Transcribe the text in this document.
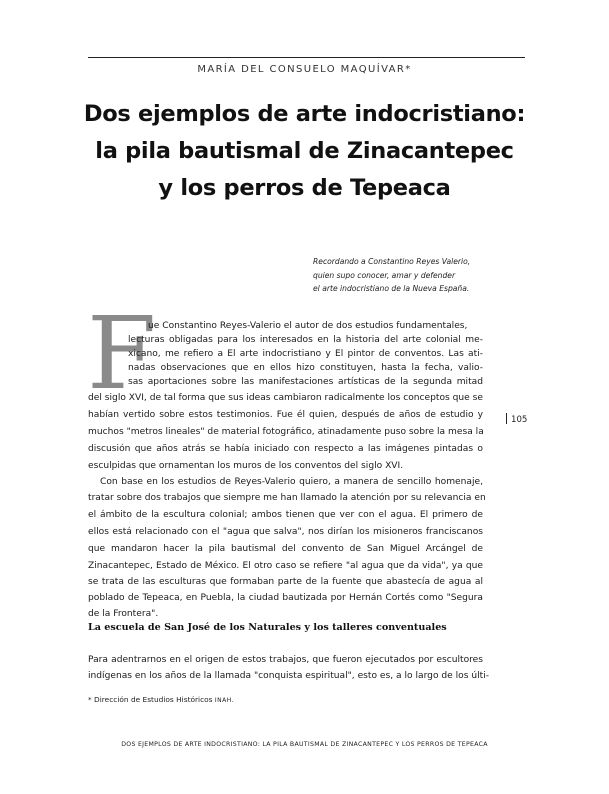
MARÍA DEL CONSUELO MAQUÍVAR*
Dos ejemplos de arte indocristiano:
la pila bautismal de Zinacantepec
y los perros de Tepeaca
Recordando a Constantino Reyes Valerio,
quien supo conocer, amar y defender
el arte indocristiano de la Nueva España.
F
ue Constantino Reyes-Valerio el autor de dos estudios fundamentales,
lecturas obligadas para los interesados en la historia del arte colonial me-
xicano, me refiero a El arte indocristiano y El pintor de conventos. Las ati-
nadas observaciones que en ellos hizo constituyen, hasta la fecha, valio-
sas aportaciones sobre las manifestaciones artísticas de la segunda mitad
del siglo XVI, de tal forma que sus ideas cambiaron radicalmente los conceptos que se
habían vertido sobre estos testimonios. Fue él quien, después de años de estudio y
muchos "metros lineales" de material fotográfico, atinadamente puso sobre la mesa la
discusión que años atrás se había iniciado con respecto a las imágenes pintadas o
esculpidas que ornamentan los muros de los conventos del siglo XVI.
Con base en los estudios de Reyes-Valerio quiero, a manera de sencillo homenaje,
tratar sobre dos trabajos que siempre me han llamado la atención por su relevancia en
el ámbito de la escultura colonial; ambos tienen que ver con el agua. El primero de
ellos está relacionado con el "agua que salva", nos dirían los misioneros franciscanos
que mandaron hacer la pila bautismal del convento de San Miguel Arcángel de
Zinacantepec, Estado de México. El otro caso se refiere "al agua que da vida", ya que
se trata de las esculturas que formaban parte de la fuente que abastecía de agua al
poblado de Tepeaca, en Puebla, la ciudad bautizada por Hernán Cortés como "Segura
de la Frontera".
La escuela de San José de los Naturales y los talleres conventuales
Para adentrarnos en el origen de estos trabajos, que fueron ejecutados por escultores
indígenas en los años de la llamada "conquista espiritual", esto es, a lo largo de los últi-
* Dirección de Estudios Históricos INAH.
105
DOS EJEMPLOS DE ARTE INDOCRISTIANO: LA PILA BAUTISMAL DE ZINACANTEPEC Y LOS PERROS DE TEPEACA
